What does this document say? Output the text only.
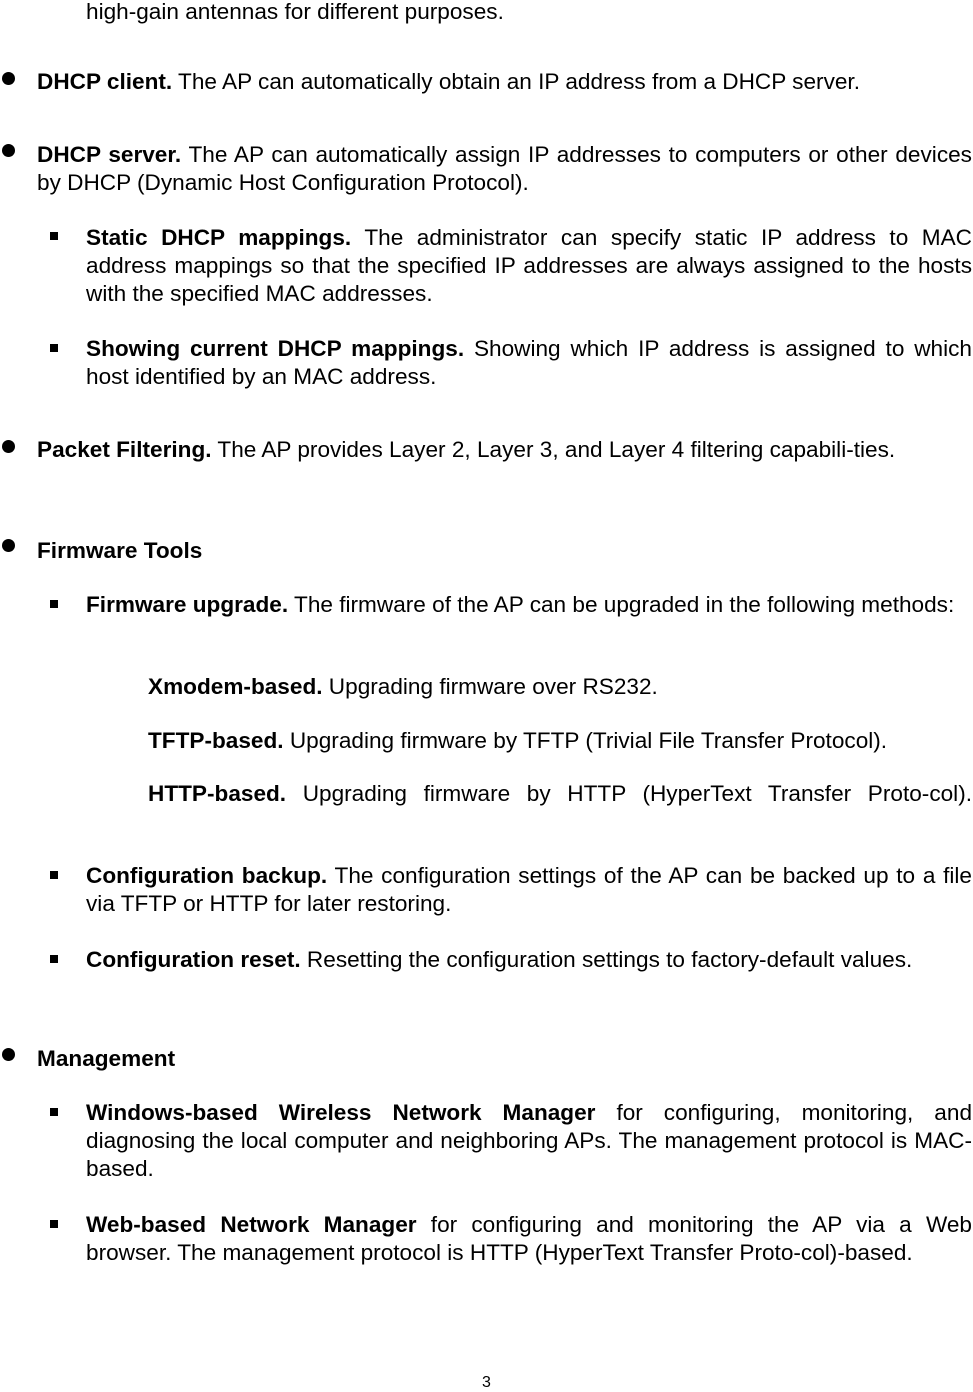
high-gain antennas for different purposes.

DHCP client. The AP can automatically obtain an IP address from a DHCP server.

DHCP server. The AP can automatically assign IP addresses to computers or other devices by DHCP (Dynamic Host Configuration Protocol).

Static DHCP mappings. The administrator can specify static IP address to MAC address mappings so that the specified IP addresses are always assigned to the hosts with the specified MAC addresses.

Showing current DHCP mappings. Showing which IP address is assigned to which host identified by an MAC address.

Packet Filtering. The AP provides Layer 2, Layer 3, and Layer 4 filtering capabili-ties.

Firmware Tools

Firmware upgrade. The firmware of the AP can be upgraded in the following methods:

Xmodem-based. Upgrading firmware over RS232.

TFTP-based. Upgrading firmware by TFTP (Trivial File Transfer Protocol).

HTTP-based. Upgrading firmware by HTTP (HyperText Transfer Proto-col).

Configuration backup. The configuration settings of the AP can be backed up to a file via TFTP or HTTP for later restoring.

Configuration reset. Resetting the configuration settings to factory-default values.

Management

Windows-based Wireless Network Manager for configuring, monitoring, and diagnosing the local computer and neighboring APs. The management protocol is MAC-based.

Web-based Network Manager for configuring and monitoring the AP via a Web browser. The management protocol is HTTP (HyperText Transfer Proto-col)-based.

3
